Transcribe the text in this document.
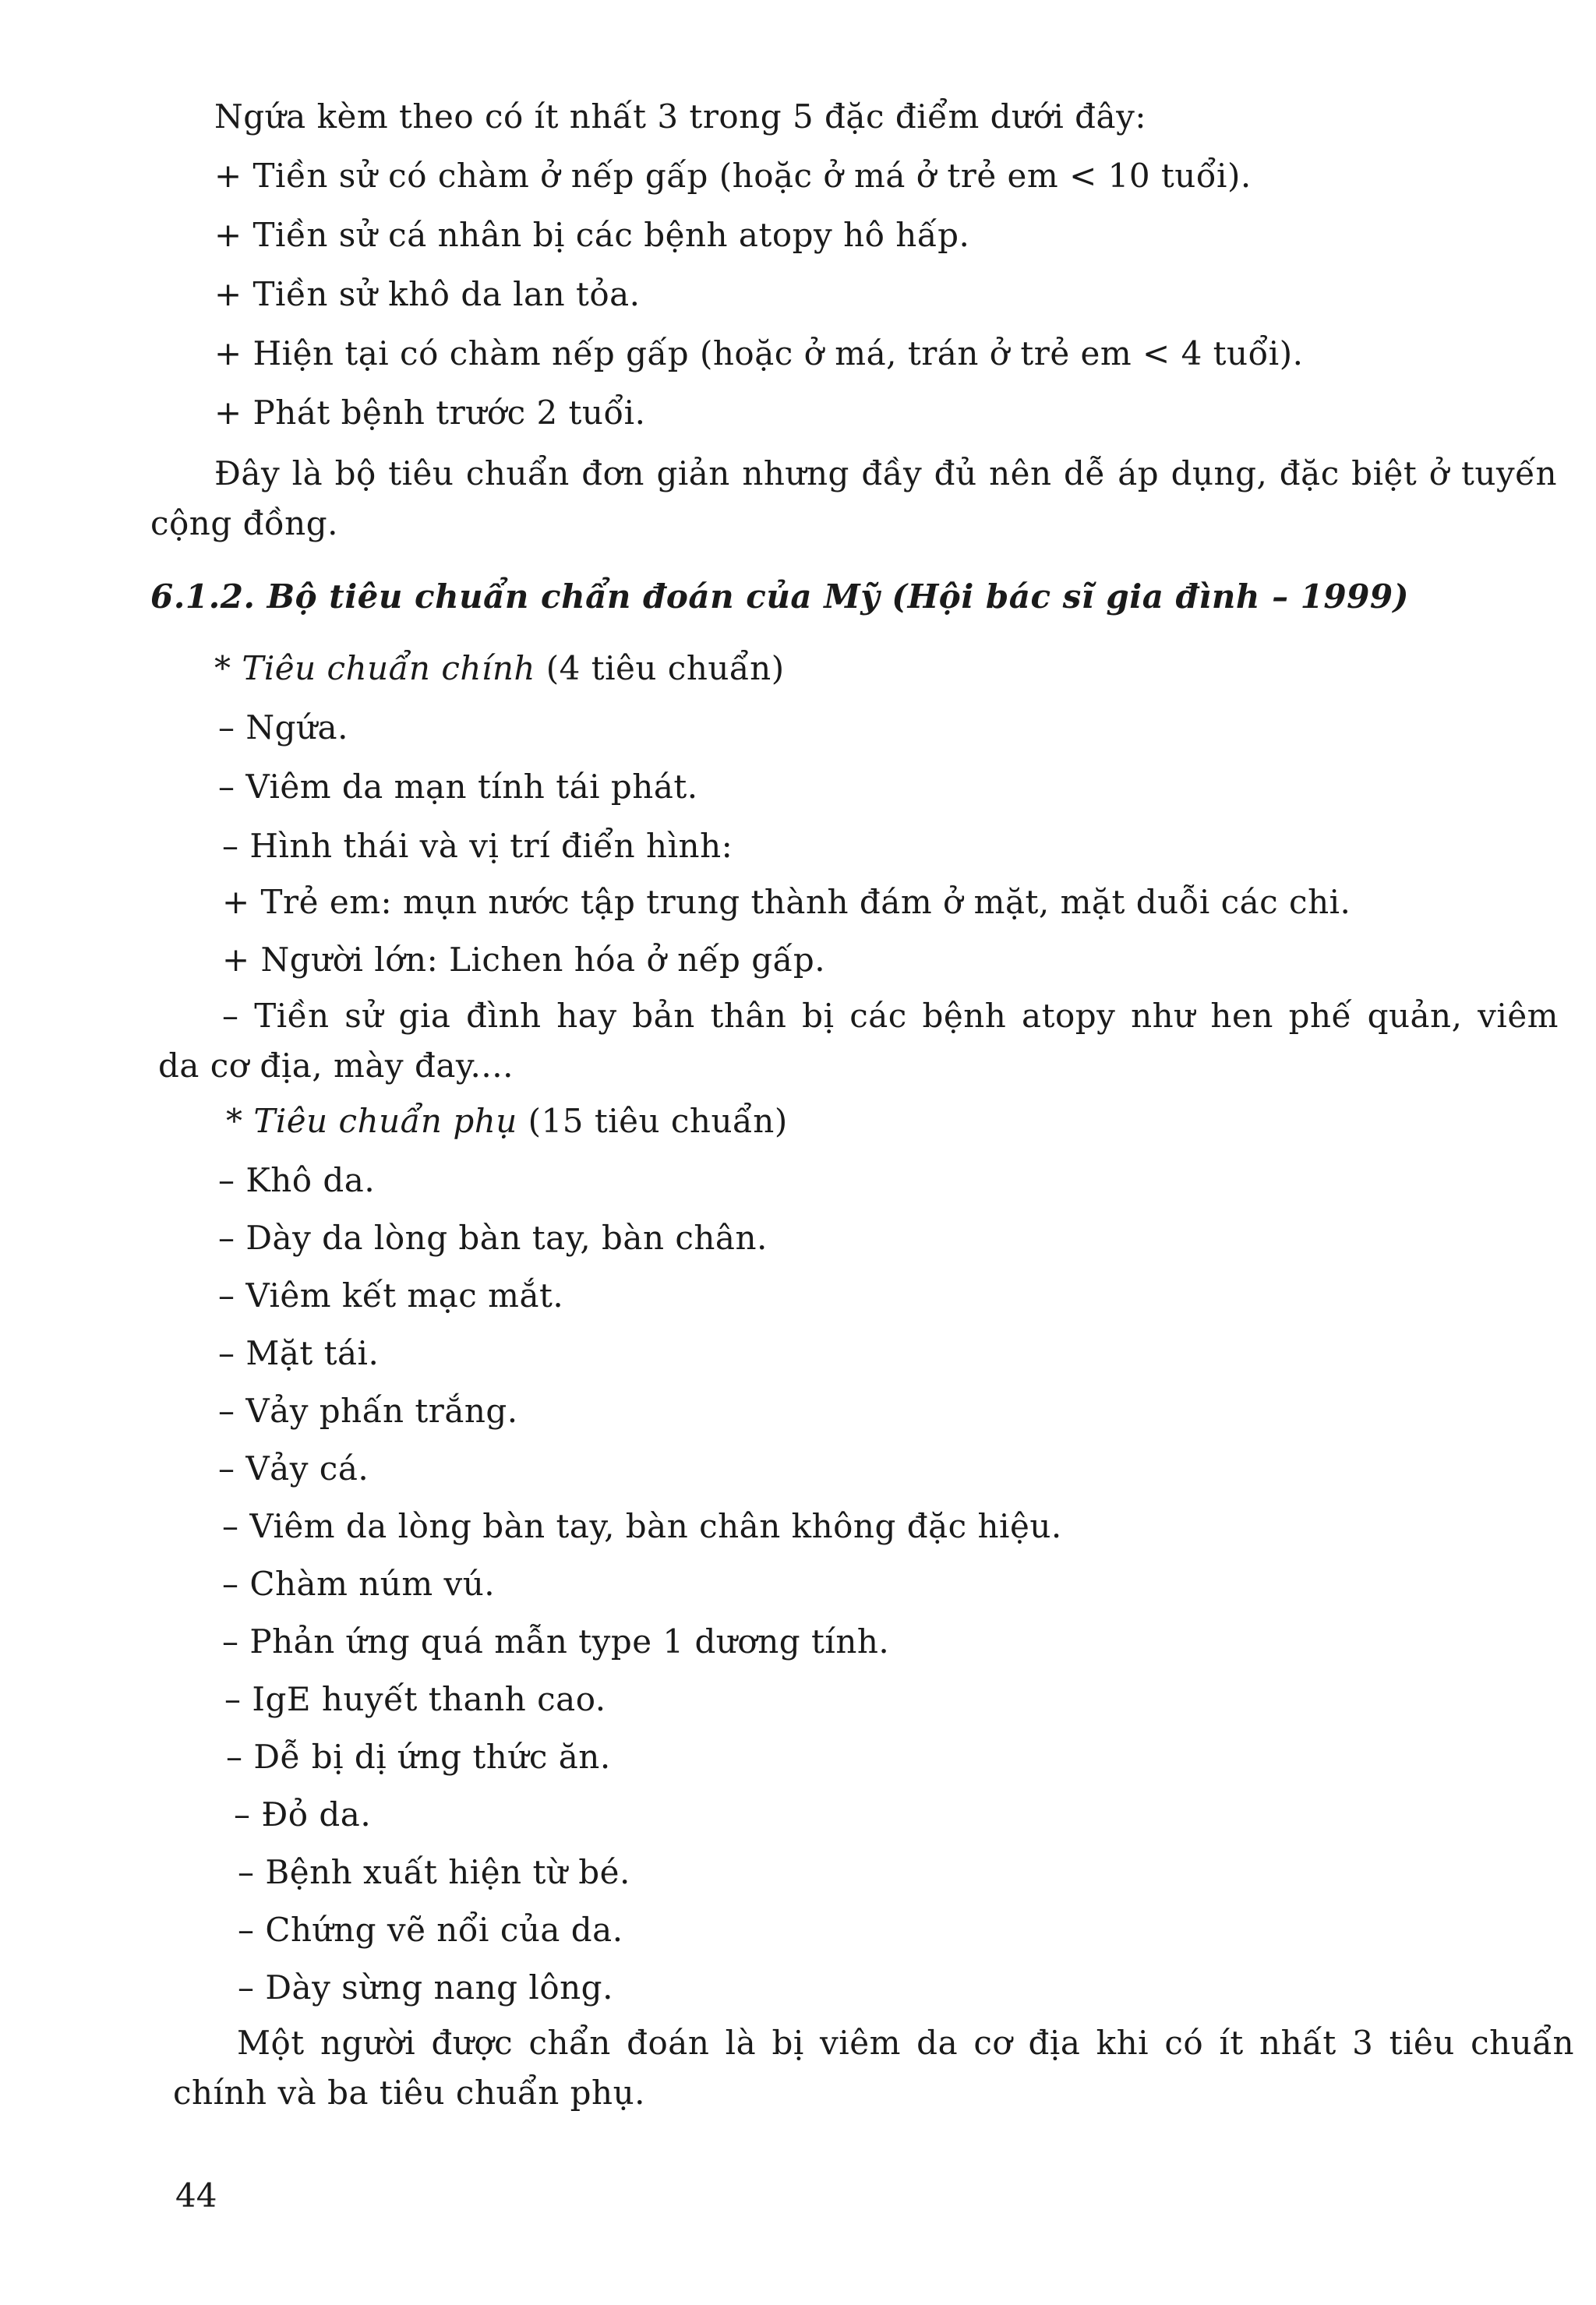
Ngứa kèm theo có ít nhất 3 trong 5 đặc điểm dưới đây:
+ Tiền sử có chàm ở nếp gấp (hoặc ở má ở trẻ em < 10 tuổi).
+ Tiền sử cá nhân bị các bệnh atopy hô hấp.
+ Tiền sử khô da lan tỏa.
+ Hiện tại có chàm nếp gấp (hoặc ở má, trán ở trẻ em < 4 tuổi).
+ Phát bệnh trước 2 tuổi.
Đây là bộ tiêu chuẩn đơn giản nhưng đầy đủ nên dễ áp dụng, đặc biệt ở tuyến
cộng đồng.
6.1.2. Bộ tiêu chuẩn chẩn đoán của Mỹ (Hội bác sĩ gia đình – 1999)
* Tiêu chuẩn chính (4 tiêu chuẩn)
– Ngứa.
– Viêm da mạn tính tái phát.
– Hình thái và vị trí điển hình:
+ Trẻ em: mụn nước tập trung thành đám ở mặt, mặt duỗi các chi.
+ Người lớn: Lichen hóa ở nếp gấp.
– Tiền sử gia đình hay bản thân bị các bệnh atopy như hen phế quản, viêm
da cơ địa, mày đay....
* Tiêu chuẩn phụ (15 tiêu chuẩn)
– Khô da.
– Dày da lòng bàn tay, bàn chân.
– Viêm kết mạc mắt.
– Mặt tái.
– Vảy phấn trắng.
– Vảy cá.
– Viêm da lòng bàn tay, bàn chân không đặc hiệu.
– Chàm núm vú.
– Phản ứng quá mẫn type 1 dương tính.
– IgE huyết thanh cao.
– Dễ bị dị ứng thức ăn.
– Đỏ da.
– Bệnh xuất hiện từ bé.
– Chứng vẽ nổi của da.
– Dày sừng nang lông.
Một người được chẩn đoán là bị viêm da cơ địa khi có ít nhất 3 tiêu chuẩn
chính và ba tiêu chuẩn phụ.
44
